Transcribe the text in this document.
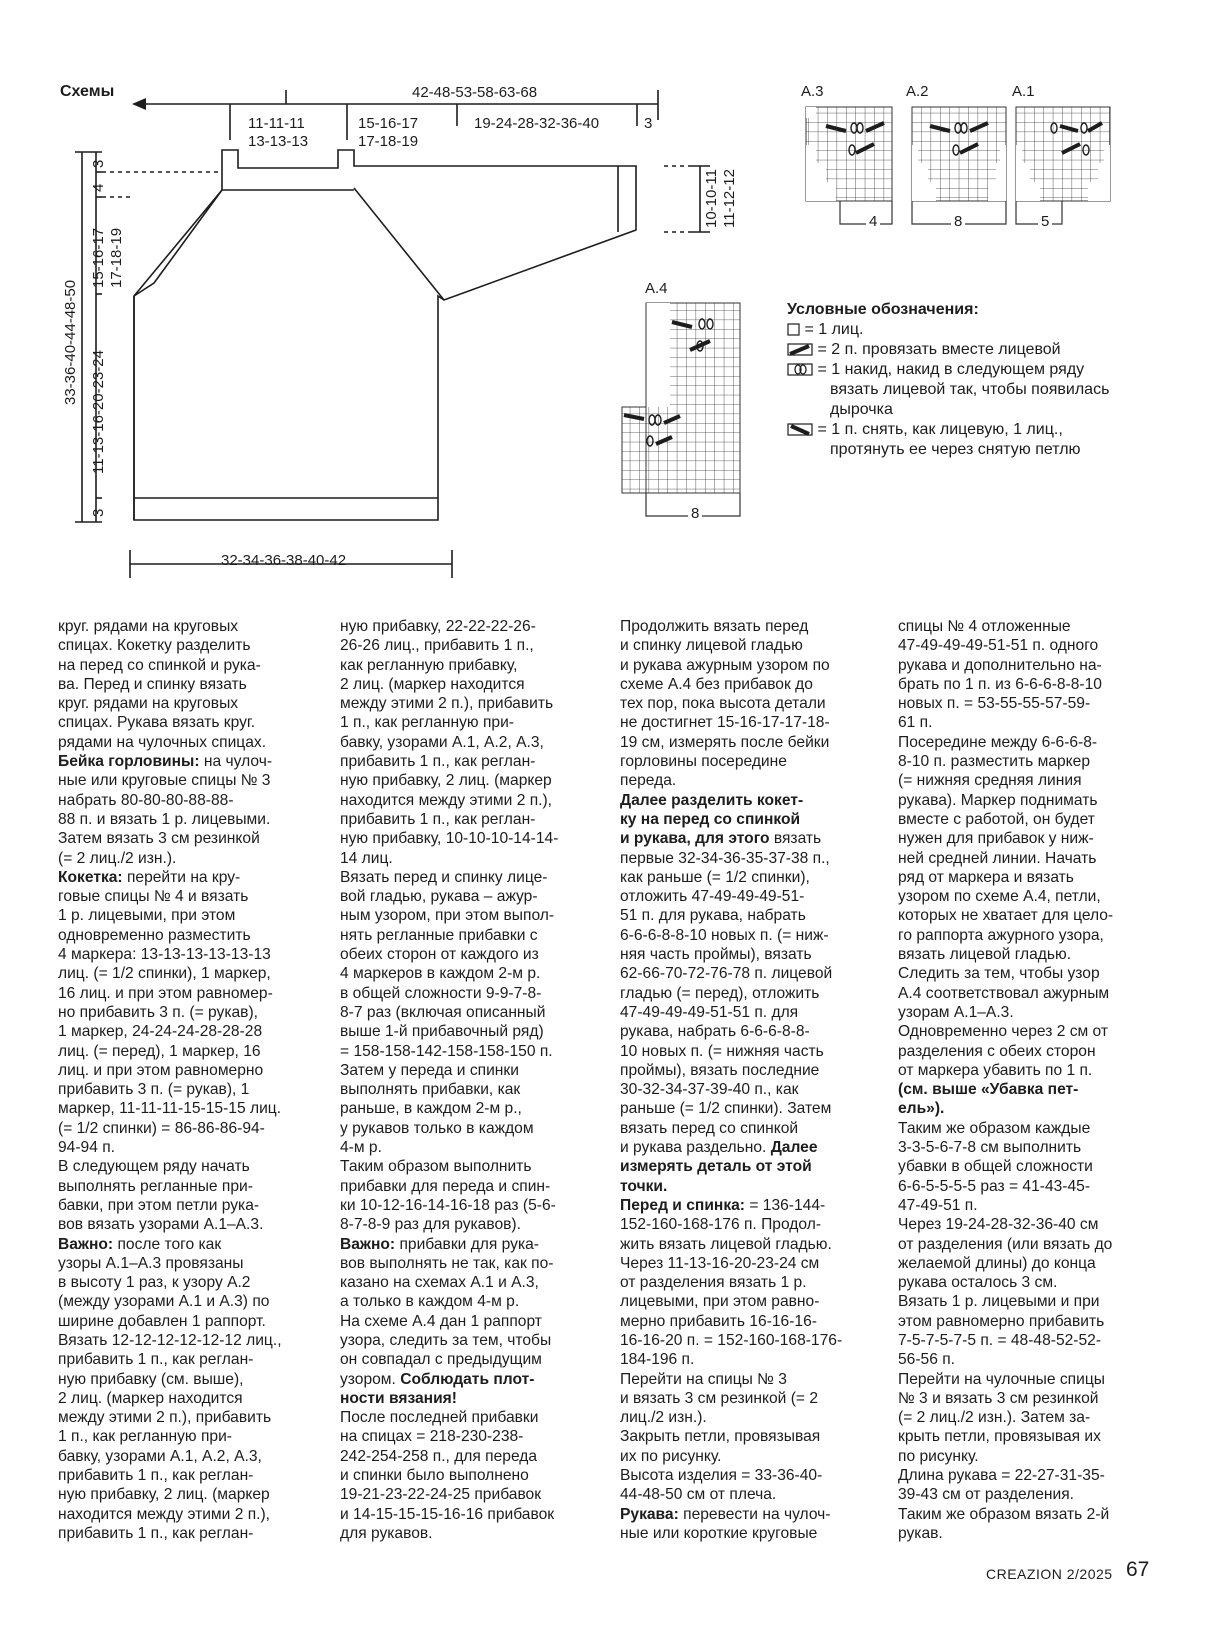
Схемы	42-48-53-58-63-68
11-11-11
13-13-13
15-16-17
17-18-19
19-24-28-32-36-40	3
3
4
15-16-17 17-18-19
33-36-40-44-48-50
11-13-16-20-23-24
3
10-10-11 11-12-12
32-34-36-38-40-42
A.3	A.2	A.1
4	8	5
A.4
8
Условные обозначения:
= 1 лиц.
= 2 п. провязать вместе лицевой
= 1 накид, накид в следующем ряду
вязать лицевой так, чтобы появилась
дырочка
= 1 п. снять, как лицевую, 1 лиц.,
протянуть ее через снятую петлю

круг. рядами на круговых

спицах. Кокетку разделить

на перед со спинкой и рука-

ва. Перед и спинку вязать

круг. рядами на круговых

спицах. Рукава вязать круг.

рядами на чулочных спицах.

Бейка горловины: на чулоч-

ные или круговые спицы № 3

набрать 80-80-80-88-88-

88 п. и вязать 1 р. лицевыми.

Затем вязать 3 см резинкой

(= 2 лиц./2 изн.).

Кокетка: перейти на кру-

говые спицы № 4 и вязать

1 р. лицевыми, при этом

одновременно разместить

4 маркера: 13-13-13-13-13-13

лиц. (= 1/2 спинки), 1 маркер,

16 лиц. и при этом равномер-

но прибавить 3 п. (= рукав),

1 маркер, 24-24-24-28-28-28

лиц. (= перед), 1 маркер, 16

лиц. и при этом равномерно

прибавить 3 п. (= рукав), 1

маркер, 11-11-11-15-15-15 лиц.

(= 1/2 спинки) = 86-86-86-94-

94-94 п.

В следующем ряду начать

выполнять регланные при-

бавки, при этом петли рука-

вов вязать узорами А.1–А.3.

Важно: после того как

узоры А.1–А.3 провязаны

в высоту 1 раз, к узору А.2

(между узорами А.1 и А.3) по

ширине добавлен 1 раппорт.

Вязать 12-12-12-12-12-12 лиц.,

прибавить 1 п., как реглан-

ную прибавку (см. выше),

2 лиц. (маркер находится

между этими 2 п.), прибавить

1 п., как регланную при-

бавку, узорами А.1, А.2, А.3,

прибавить 1 п., как реглан-

ную прибавку, 2 лиц. (маркер

находится между этими 2 п.),

прибавить 1 п., как реглан-

ную прибавку, 22-22-22-26-

26-26 лиц., прибавить 1 п.,

как регланную прибавку,

2 лиц. (маркер находится

между этими 2 п.), прибавить

1 п., как регланную при-

бавку, узорами А.1, А.2, А.3,

прибавить 1 п., как реглан-

ную прибавку, 2 лиц. (маркер

находится между этими 2 п.),

прибавить 1 п., как реглан-

ную прибавку, 10-10-10-14-14-

14 лиц.

Вязать перед и спинку лице-

вой гладью, рукава – ажур-

ным узором, при этом выпол-

нять регланные прибавки с

обеих сторон от каждого из

4 маркеров в каждом 2-м р.

в общей сложности 9-9-7-8-

8-7 раз (включая описанный

выше 1-й прибавочный ряд)

= 158-158-142-158-158-150 п.

Затем у переда и спинки

выполнять прибавки, как

раньше, в каждом 2-м р.,

у рукавов только в каждом

4-м р.

Таким образом выполнить

прибавки для переда и спин-

ки 10-12-16-14-16-18 раз (5-6-

8-7-8-9 раз для рукавов).

Важно: прибавки для рука-

вов выполнять не так, как по-

казано на схемах А.1 и А.3,

а только в каждом 4-м р.

На схеме А.4 дан 1 раппорт

узора, следить за тем, чтобы

он совпадал с предыдущим

узором. Соблюдать плот-

ности вязания!

После последней прибавки

на спицах = 218-230-238-

242-254-258 п., для переда

и спинки было выполнено

19-21-23-22-24-25 прибавок

и 14-15-15-15-16-16 прибавок

для рукавов.

Продолжить вязать перед

и спинку лицевой гладью

и рукава ажурным узором по

схеме А.4 без прибавок до

тех пор, пока высота детали

не достигнет 15-16-17-17-18-

19 см, измерять после бейки

горловины посередине

переда.

Далее разделить кокет-

ку на перед со спинкой

и рукава, для этого вязать

первые 32-34-36-35-37-38 п.,

как раньше (= 1/2 спинки),

отложить 47-49-49-49-51-

51 п. для рукава, набрать

6-6-6-8-8-10 новых п. (= ниж-

няя часть проймы), вязать

62-66-70-72-76-78 п. лицевой

гладью (= перед), отложить

47-49-49-49-51-51 п. для

рукава, набрать 6-6-6-8-8-

10 новых п. (= нижняя часть

проймы), вязать последние

30-32-34-37-39-40 п., как

раньше (= 1/2 спинки). Затем

вязать перед со спинкой

и рукава раздельно. Далее

измерять деталь от этой

точки.

Перед и спинка: = 136-144-

152-160-168-176 п. Продол-

жить вязать лицевой гладью.

Через 11-13-16-20-23-24 см

от разделения вязать 1 р.

лицевыми, при этом равно-

мерно прибавить 16-16-16-

16-16-20 п. = 152-160-168-176-

184-196 п.

Перейти на спицы № 3

и вязать 3 см резинкой (= 2

лиц./2 изн.).

Закрыть петли, провязывая

их по рисунку.

Высота изделия = 33-36-40-

44-48-50 см от плеча.

Рукава: перевести на чулоч-

ные или короткие круговые

спицы № 4 отложенные

47-49-49-49-51-51 п. одного

рукава и дополнительно на-

брать по 1 п. из 6-6-6-8-8-10

новых п. = 53-55-55-57-59-

61 п.

Посередине между 6-6-6-8-

8-10 п. разместить маркер

(= нижняя средняя линия

рукава). Маркер поднимать

вместе с работой, он будет

нужен для прибавок у ниж-

ней средней линии. Начать

ряд от маркера и вязать

узором по схеме А.4, петли,

которых не хватает для цело-

го раппорта ажурного узора,

вязать лицевой гладью.

Следить за тем, чтобы узор

А.4 соответствовал ажурным

узорам А.1–А.3.

Одновременно через 2 см от

разделения с обеих сторон

от маркера убавить по 1 п.

(см. выше «Убавка пет-

ель»).

Таким же образом каждые

3-3-5-6-7-8 см выполнить

убавки в общей сложности

6-6-5-5-5-5 раз = 41-43-45-

47-49-51 п.

Через 19-24-28-32-36-40 см

от разделения (или вязать до

желаемой длины) до конца

рукава осталось 3 см.

Вязать 1 р. лицевыми и при

этом равномерно прибавить

7-5-7-5-7-5 п. = 48-48-52-52-

56-56 п.

Перейти на чулочные спицы

№ 3 и вязать 3 см резинкой

(= 2 лиц./2 изн.). Затем за-

крыть петли, провязывая их

по рисунку.

Длина рукава = 22-27-31-35-

39-43 см от разделения.

Таким же образом вязать 2-й

рукав.

CREAZION 2/2025 67
